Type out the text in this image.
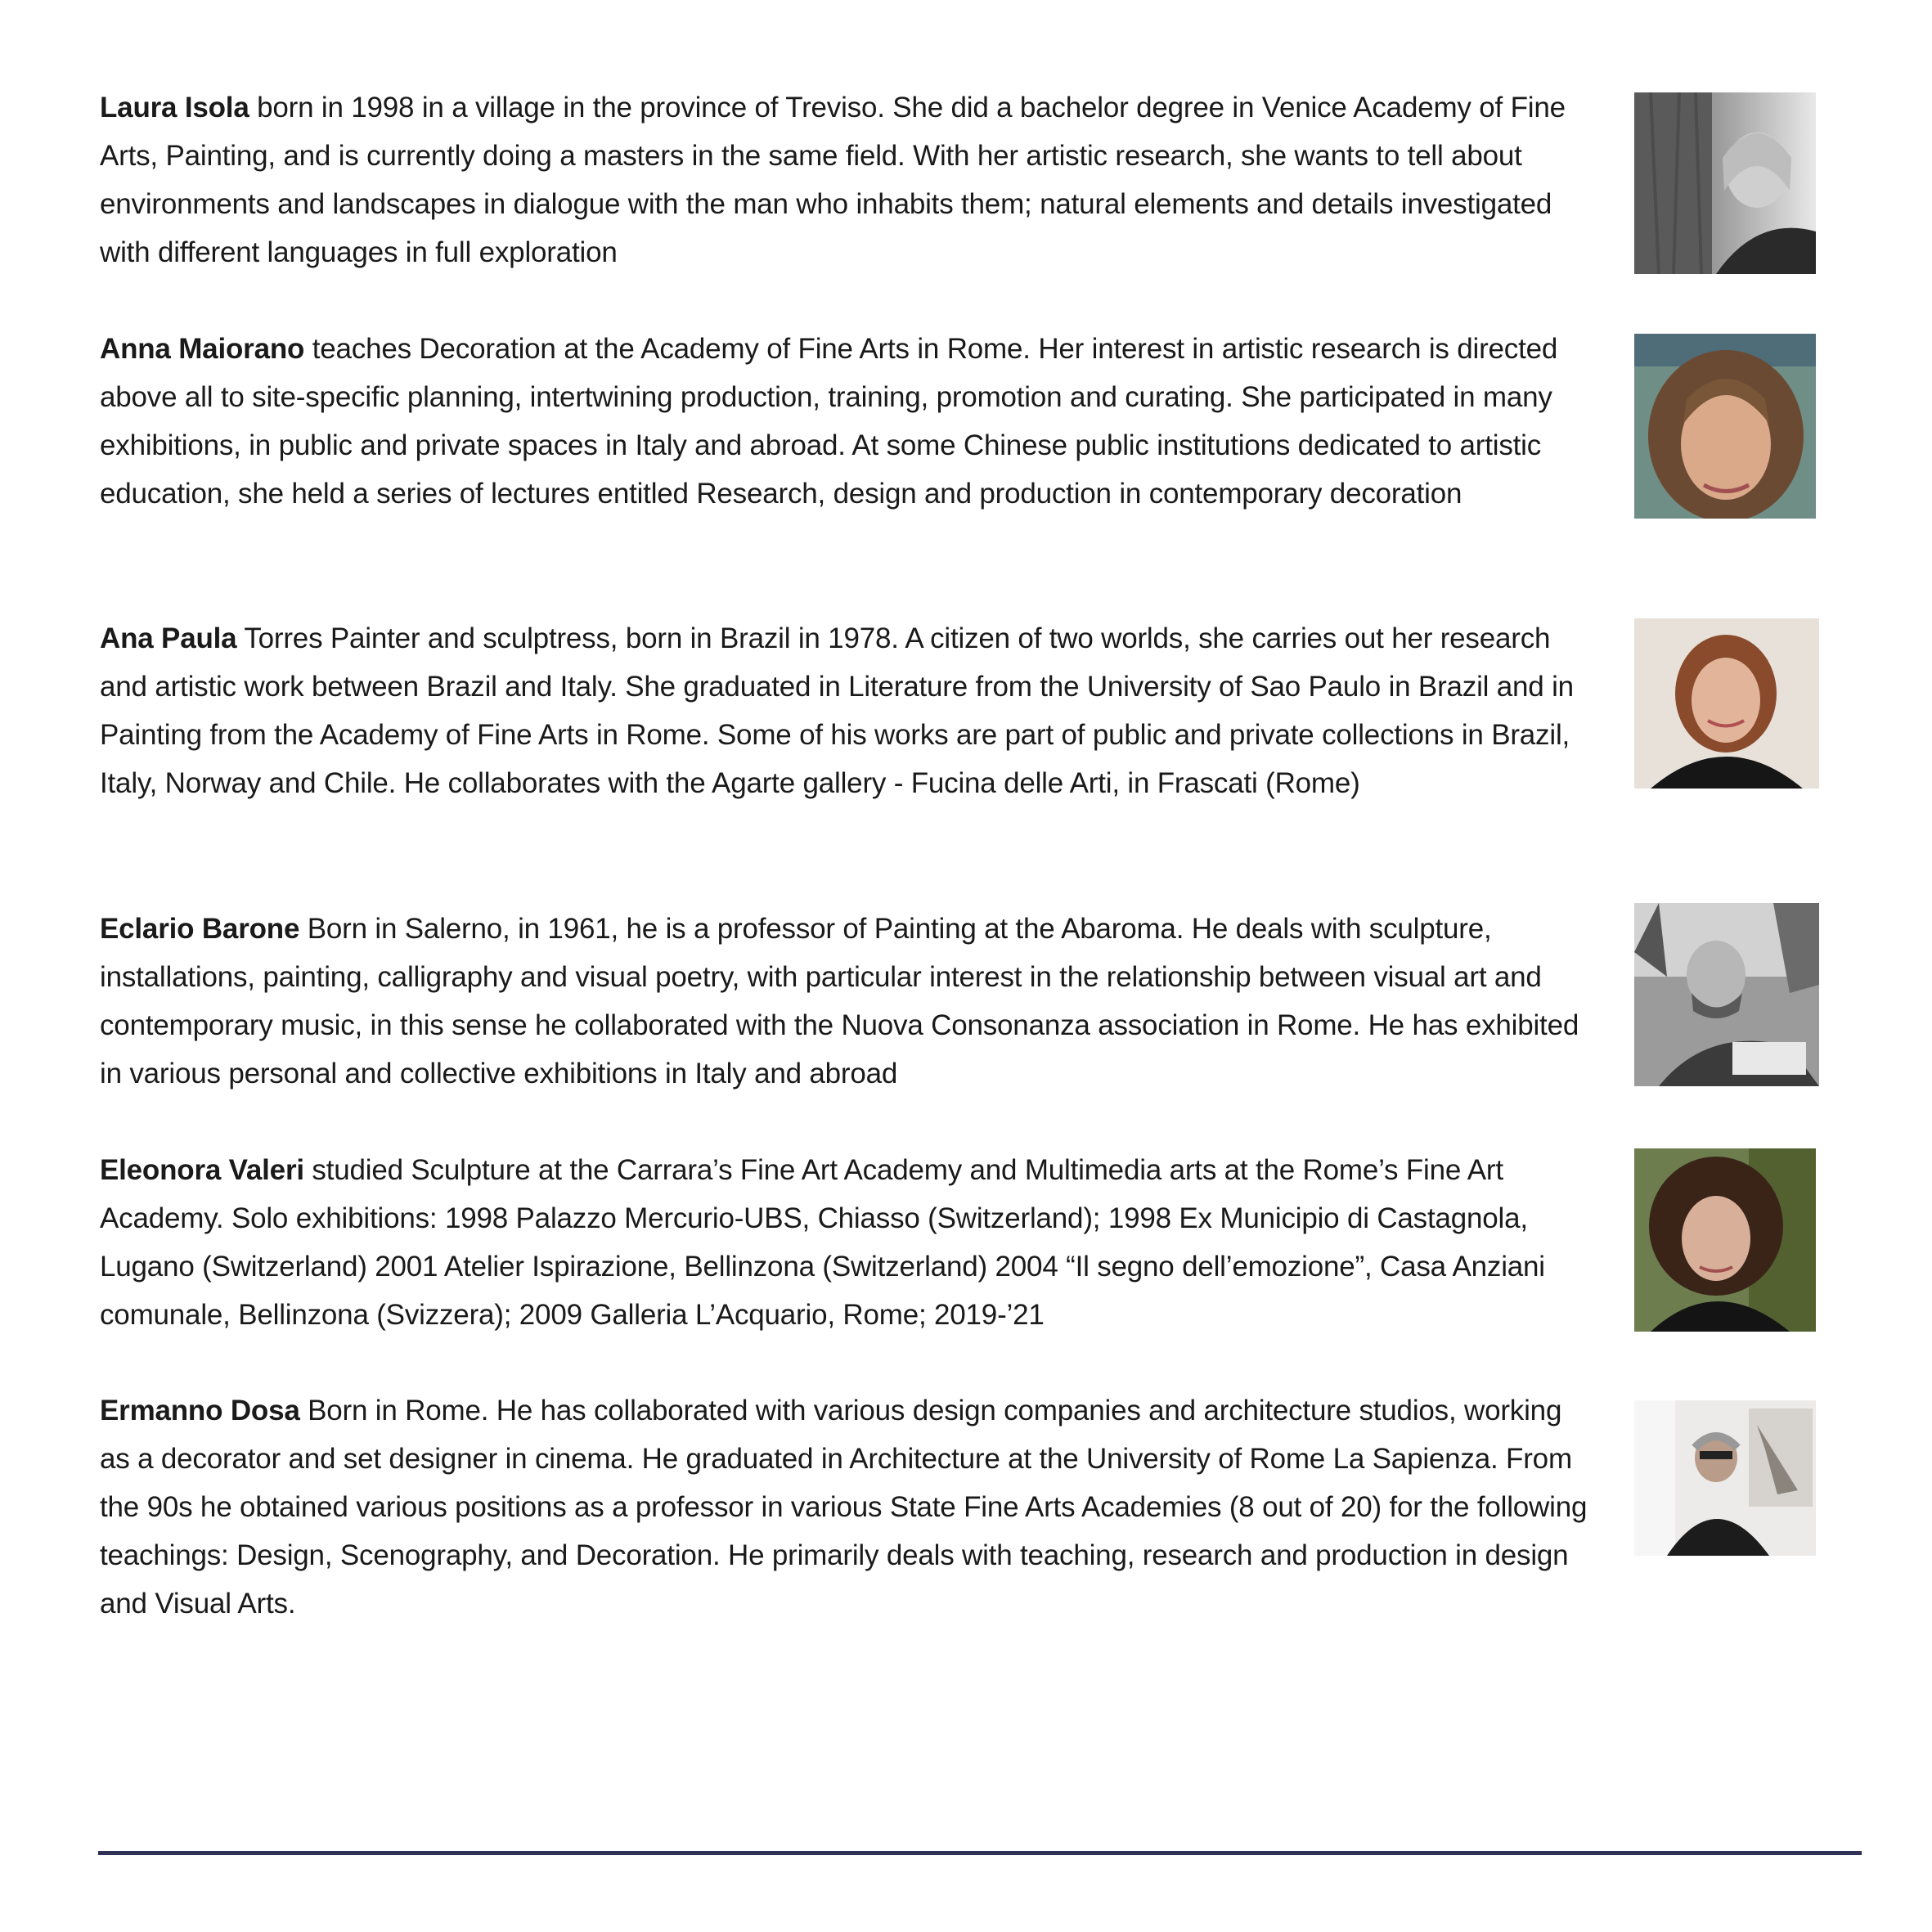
Laura Isola born in 1998 in a village in the province of Treviso. She did a bachelor degree in Venice Academy of Fine Arts, Painting, and is currently doing a masters in the same field. With her artistic research, she wants to tell about environments and landscapes in dialogue with the man who inhabits them; natural elements and details investigated with different languages in full exploration

Anna Maiorano teaches Decoration at the Academy of Fine Arts in Rome. Her interest in artistic research is directed above all to site-specific planning, intertwining production, training, promotion and curating. She participated in many exhibitions, in public and private spaces in Italy and abroad. At some Chinese public institutions dedicated to artistic education, she held a series of lectures entitled Research, design and production in contemporary decoration

Ana Paula Torres Painter and sculptress, born in Brazil in 1978. A citizen of two worlds, she carries out her research and artistic work between Brazil and Italy. She graduated in Literature from the University of Sao Paulo in Brazil and in Painting from the Academy of Fine Arts in Rome. Some of his works are part of public and private collections in Brazil, Italy, Norway and Chile. He collaborates with the Agarte gallery - Fucina delle Arti, in Frascati (Rome)

Eclario Barone Born in Salerno, in 1961, he is a professor of Painting at the Abaroma. He deals with sculpture, installations, painting, calligraphy and visual poetry, with particular interest in the relationship between visual art and contemporary music, in this sense he collaborated with the Nuova Consonanza association in Rome. He has exhibited in various personal and collective exhibitions in Italy and abroad

Eleonora Valeri studied Sculpture at the Carrara’s Fine Art Academy and Multimedia arts at the Rome’s Fine Art Academy. Solo exhibitions: 1998 Palazzo Mercurio-UBS, Chiasso (Switzerland); 1998 Ex Municipio di Castagnola, Lugano (Switzerland) 2001 Atelier Ispirazione, Bellinzona (Switzerland) 2004 “Il segno dell’emozione”, Casa Anziani comunale, Bellinzona (Svizzera); 2009 Galleria L’Acquario, Rome; 2019-’21

Ermanno Dosa Born in Rome. He has collaborated with various design companies and architecture studios, working as a decorator and set designer in cinema. He graduated in Architecture at the University of Rome La Sapienza. From the 90s he obtained various positions as a professor in various State Fine Arts Academies (8 out of 20) for the following teachings: Design, Scenography, and Decoration. He primarily deals with teaching, research and production in design and Visual Arts.
